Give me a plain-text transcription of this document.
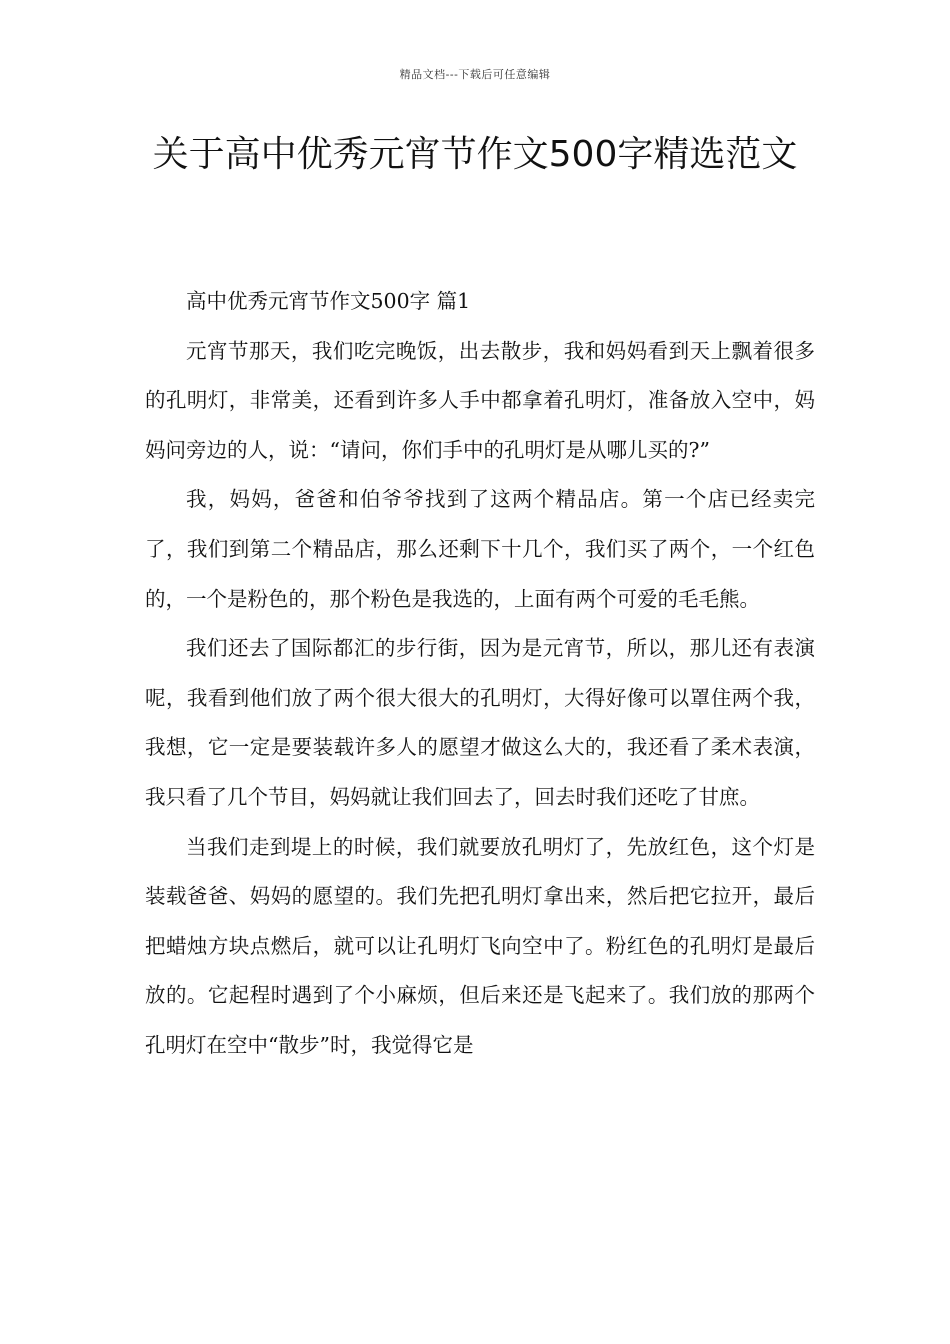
精品文档---下载后可任意编辑
关于高中优秀元宵节作文500字精选范文

高中优秀元宵节作文500字 篇1

元宵节那天，我们吃完晚饭，出去散步，我和妈妈看到天上飘着很多的孔明灯，非常美，还看到许多人手中都拿着孔明灯，准备放入空中，妈妈问旁边的人，说：“请问，你们手中的孔明灯是从哪儿买的?”

我，妈妈，爸爸和伯爷爷找到了这两个精品店。第一个店已经卖完了，我们到第二个精品店，那么还剩下十几个，我们买了两个，一个红色的，一个是粉色的，那个粉色是我选的，上面有两个可爱的毛毛熊。

我们还去了国际都汇的步行街，因为是元宵节，所以，那儿还有表演呢，我看到他们放了两个很大很大的孔明灯，大得好像可以罩住两个我，我想，它一定是要装载许多人的愿望才做这么大的，我还看了柔术表演，我只看了几个节目，妈妈就让我们回去了，回去时我们还吃了甘庶。

当我们走到堤上的时候，我们就要放孔明灯了，先放红色，这个灯是装载爸爸、妈妈的愿望的。我们先把孔明灯拿出来，然后把它拉开，最后把蜡烛方块点燃后，就可以让孔明灯飞向空中了。粉红色的孔明灯是最后放的。它起程时遇到了个小麻烦，但后来还是飞起来了。我们放的那两个孔明灯在空中“散步”时，我觉得它是
